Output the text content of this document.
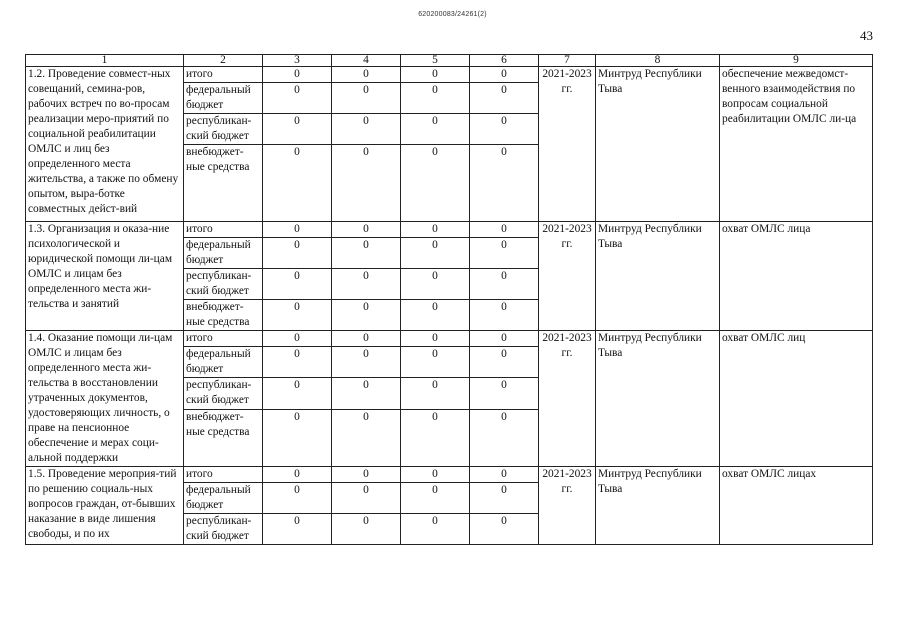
620200083/24261(2)
43
1	2	3	4	5	6	7	8	9
1.2. Проведение совмест-ных совещаний, семина-ров, рабочих встреч по во-просам реализации меро-приятий по социальной реабилитации ОМЛС и лиц без определенного места жительства, а также по обмену опытом, выра-ботке совместных дейст-вий	итого	0	0	0	0	2021-2023 гг.	Минтруд Республики Тыва	обеспечение межведомст-венного взаимодействия по вопросам социальной реабилитации ОМЛС ли-ца
	федеральный бюджет	0	0	0	0			
	республикан-ский бюджет	0	0	0	0			
	внебюджет-ные средства	0	0	0	0			
1.3. Организация и оказа-ние психологической и юридической помощи ли-цам ОМЛС и лицам без определенного места жи-тельства и занятий	итого	0	0	0	0	2021-2023 гг.	Минтруд Республики Тыва	охват ОМЛС лица
	федеральный бюджет	0	0	0	0			
	республикан-ский бюджет	0	0	0	0			
	внебюджет-ные средства	0	0	0	0			
1.4. Оказание помощи ли-цам ОМЛС и лицам без определенного места жи-тельства в восстановлении утраченных документов, удостоверяющих личность, о праве на пенсионное обеспечение и мерах соци-альной поддержки	итого	0	0	0	0	2021-2023 гг.	Минтруд Республики Тыва	охват ОМЛС лиц
	федеральный бюджет	0	0	0	0			
	республикан-ский бюджет	0	0	0	0			
	внебюджет-ные средства	0	0	0	0			
1.5. Проведение мероприя-тий по решению социаль-ных вопросов граждан, от-бывших наказание в виде лишения свободы, и по их	итого	0	0	0	0	2021-2023 гг.	Минтруд Республики Тыва	охват ОМЛС лицах
	федеральный бюджет	0	0	0	0			
	республикан-ский бюджет	0	0	0	0			
